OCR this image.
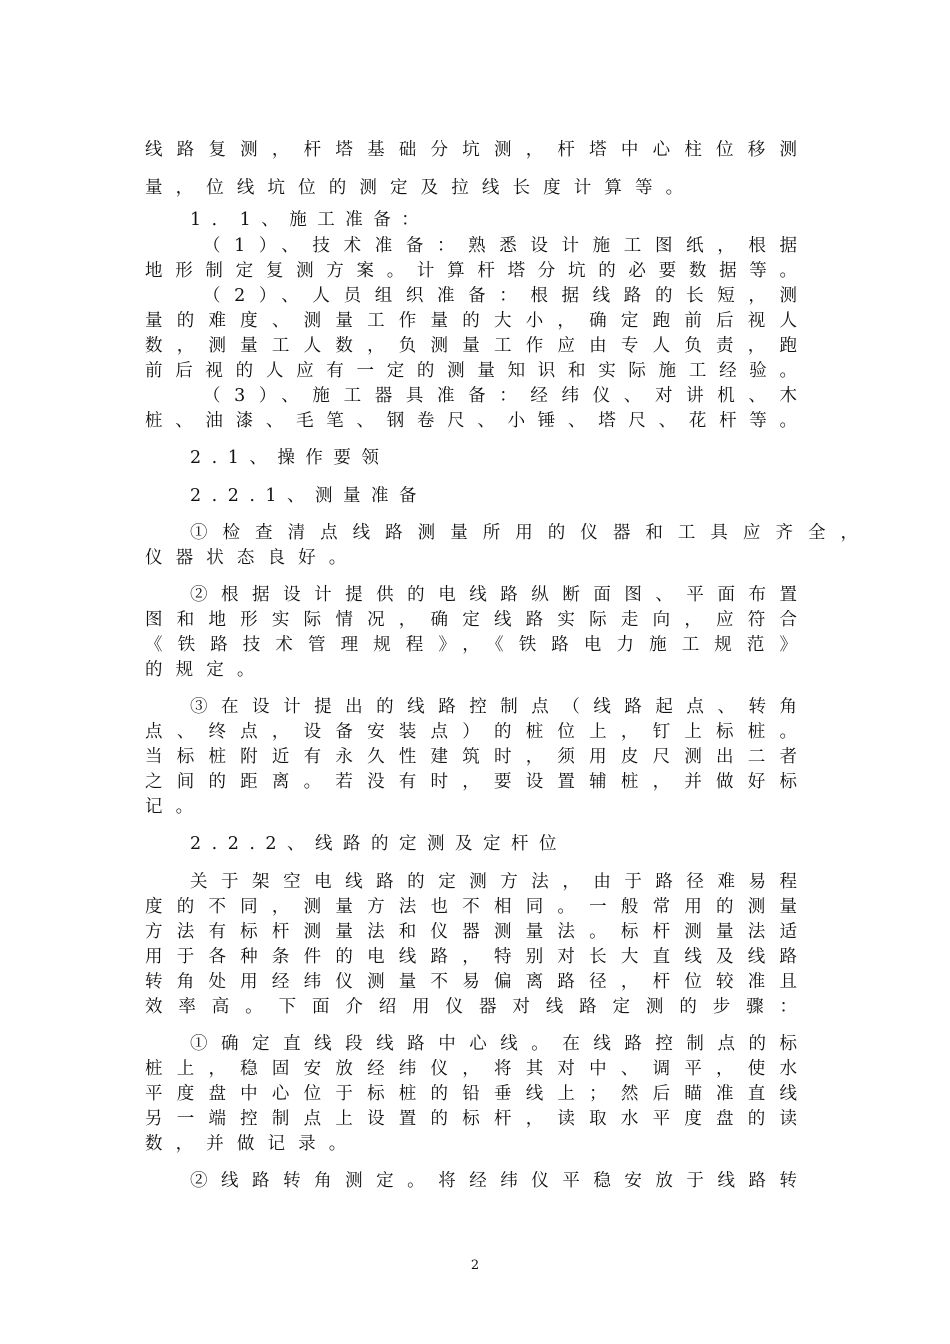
线路复测，杆塔基础分坑测，杆塔中心柱位移测
量，位线坑位的测定及拉线长度计算等。
1．1、施工准备：
（1）、技术准备：熟悉设计施工图纸，根据
地形制定复测方案。计算杆塔分坑的必要数据等。
（2）、人员组织准备：根据线路的长短，测
量的难度、测量工作量的大小，确定跑前后视人
数，测量工人数，负测量工作应由专人负责，跑
前后视的人应有一定的测量知识和实际施工经验。
（3）、施工器具准备：经纬仪、对讲机、木
桩、油漆、毛笔、钢卷尺、小锤、塔尺、花杆等。
2.1、操作要领
2.2.1、测量准备
①检查清点线路测量所用的仪器和工具应齐全，
仪器状态良好。
②根据设计提供的电线路纵断面图、平面布置
图和地形实际情况，确定线路实际走向，应符合
《铁路技术管理规程》，《铁路电力施工规范》
的规定。
③在设计提出的线路控制点（线路起点、转角
点、终点，设备安装点）的桩位上，钉上标桩。
当标桩附近有永久性建筑时，须用皮尺测出二者
之间的距离。若没有时，要设置辅桩，并做好标
记。
2.2.2、线路的定测及定杆位
关于架空电线路的定测方法，由于路径难易程
度的不同，测量方法也不相同。一般常用的测量
方法有标杆测量法和仪器测量法。标杆测量法适
用于各种条件的电线路，特别对长大直线及线路
转角处用经纬仪测量不易偏离路径，杆位较准且
效率高。下面介绍用仪器对线路定测的步骤：
①确定直线段线路中心线。在线路控制点的标
桩上，稳固安放经纬仪，将其对中、调平，使水
平度盘中心位于标桩的铅垂线上；然后瞄准直线
另一端控制点上设置的标杆，读取水平度盘的读
数，并做记录。
②线路转角测定。将经纬仪平稳安放于线路转
2
